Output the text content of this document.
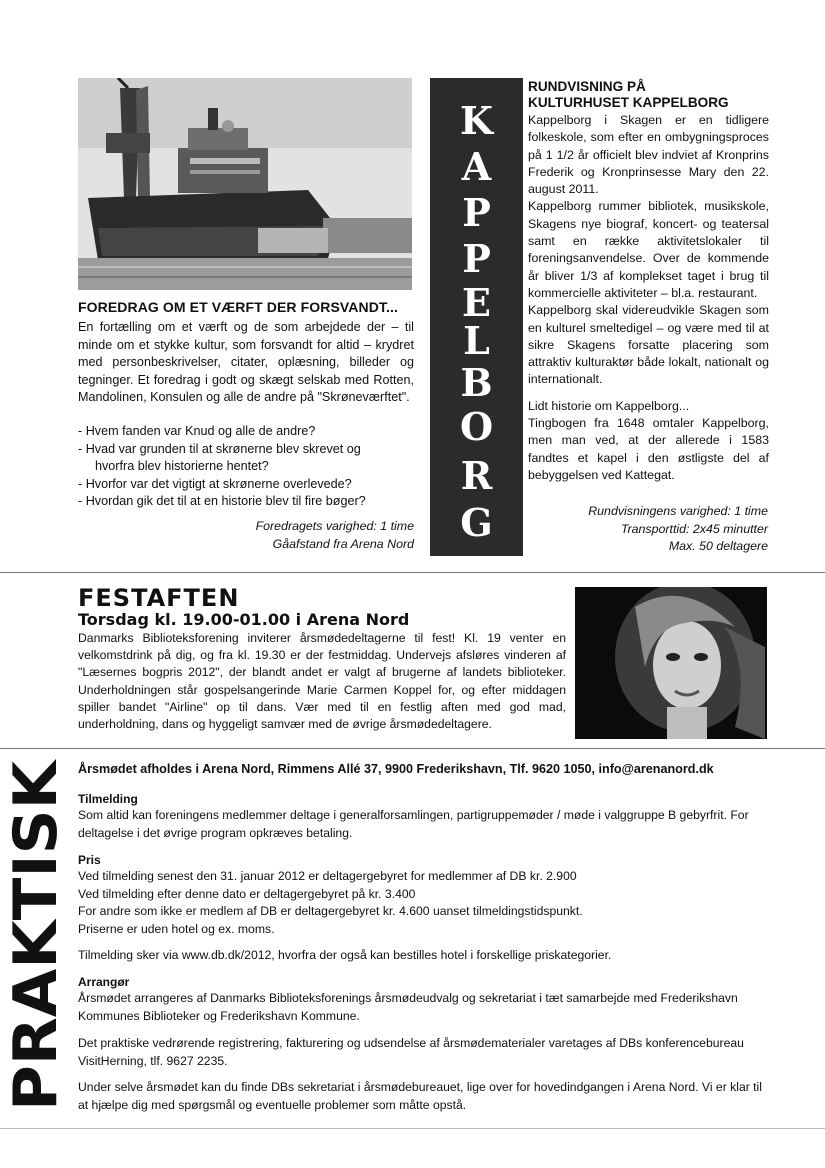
FOREDRAG OM ET VÆRFT DER FORSVANDT...
En fortælling om et værft og de som arbejdede der – til minde om et stykke kultur, som forsvandt for altid – krydret med personbeskrivelser, citater, oplæsning, billeder og tegninger. Et foredrag i godt og skægt selskab med Rotten, Mandolinen, Konsulen og alle de andre på "Skrøneværftet".
- Hvem fanden var Knud og alle de andre?
- Hvad var grunden til at skrønerne blev skrevet og
hvorfra blev historierne hentet?
- Hvorfor var det vigtigt at skrønerne overlevede?
- Hvordan gik det til at en historie blev til fire bøger?
Foredragets varighed: 1 time
Gåafstand fra Arena Nord
K
A
P
P
E
L
B
O
R
G
RUNDVISNING PÅ
KULTURHUSET KAPPELBORG

Kappelborg i Skagen er en tidligere folkeskole, som efter en ombygningsproces på 1 1/2 år officielt blev indviet af Kronprins Frederik og Kronprinsesse Mary den 22. august 2011.

Kappelborg rummer bibliotek, musikskole, Skagens nye biograf, koncert- og teatersal samt en række aktivitetslokaler til foreningsanvendelse. Over de kommende år bliver 1/3 af komplekset taget i brug til kommercielle aktiviteter – bl.a. restaurant.

Kappelborg skal videreudvikle Skagen som en kulturel smeltedigel – og være med til at sikre Skagens forsatte placering som attraktiv kulturaktør både lokalt, nationalt og internationalt.

Lidt historie om Kappelborg...

Tingbogen fra 1648 omtaler Kappelborg, men man ved, at der allerede i 1583 fandtes et kapel i den østligste del af bebyggelsen ved Kattegat.

Rundvisningens varighed: 1 time
Transporttid: 2x45 minutter
Max. 50 deltagere
FESTAFTEN
Torsdag kl. 19.00-01.00 i Arena Nord
Danmarks Biblioteksforening inviterer årsmødedeltagerne til fest! Kl. 19 venter en velkomstdrink på dig, og fra kl. 19.30 er der festmiddag. Undervejs afsløres vinderen af "Læsernes bogpris 2012", der blandt andet er valgt af brugerne af landets biblioteker. Underholdningen står gospelsangerinde Marie Carmen Koppel for, og efter middagen spiller bandet "Airline" op til dans. Vær med til en festlig aften med god mad, underholdning, dans og hyggeligt samvær med de øvrige årsmødedeltagere.
PRAKTISK
Årsmødet afholdes i Arena Nord, Rimmens Allé 37, 9900 Frederikshavn, Tlf. 9620 1050, info@arenanord.dk
Tilmelding
Som altid kan foreningens medlemmer deltage i generalforsamlingen, partigruppemøder / møde i valggruppe B gebyrfrit. For deltagelse i det øvrige program opkræves betaling.
Pris
Ved tilmelding senest den 31. januar 2012 er deltagergebyret for medlemmer af DB kr. 2.900
Ved tilmelding efter denne dato er deltagergebyret på kr. 3.400
For andre som ikke er medlem af DB er deltagergebyret kr. 4.600 uanset tilmeldingstidspunkt.
Priserne er uden hotel og ex. moms.
Tilmelding sker via www.db.dk/2012, hvorfra der også kan bestilles hotel i forskellige priskategorier.
Arrangør
Årsmødet arrangeres af Danmarks Biblioteksforenings årsmødeudvalg og sekretariat i tæt samarbejde med Frederikshavn Kommunes Biblioteker og Frederikshavn Kommune.
Det praktiske vedrørende registrering, fakturering og udsendelse af årsmødematerialer varetages af DBs konferencebureau VisitHerning, tlf. 9627 2235.
Under selve årsmødet kan du finde DBs sekretariat i årsmødebureauet, lige over for hovedindgangen i Arena Nord. Vi er klar til at hjælpe dig med spørgsmål og eventuelle problemer som måtte opstå.
